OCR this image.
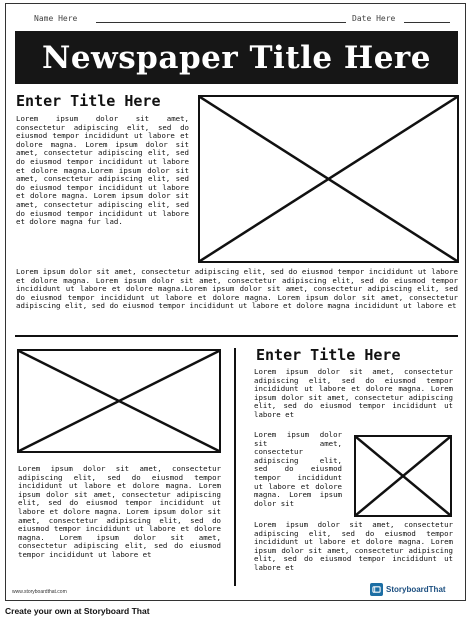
Name Here	Date Here
Newspaper Title Here
Enter Title Here

Lorem ipsum dolor sit amet, consectetur adipiscing elit, sed do eiusmod tempor incididunt ut labore et dolore magna. Lorem ipsum dolor sit amet, consectetur adipiscing elit, sed do eiusmod tempor incididunt ut labore et dolore magna.Lorem ipsum dolor sit amet, consectetur adipiscing elit, sed do eiusmod tempor incididunt ut labore et dolore magna. Lorem ipsum dolor sit amet, consectetur adipiscing elit, sed do eiusmod tempor incididunt ut labore et dolore magna fur lad.

Lorem ipsum dolor sit amet, consectetur adipiscing elit, sed do eiusmod tempor incididunt ut labore et dolore magna. Lorem ipsum dolor sit amet, consectetur adipiscing elit, sed do eiusmod tempor incididunt ut labore et dolore magna.Lorem ipsum dolor sit amet, consectetur adipiscing elit, sed do eiusmod tempor incididunt ut labore et dolore magna. Lorem ipsum dolor sit amet, consectetur adipiscing elit, sed do eiusmod tempor incididunt ut labore et dolore magna incididunt ut labore et

Lorem ipsum dolor sit amet, consectetur adipiscing elit, sed do eiusmod tempor incididunt ut labore et dolore magna. Lorem ipsum dolor sit amet, consectetur adipiscing elit, sed do eiusmod tempor incididunt ut labore et dolore magna. Lorem ipsum dolor sit amet, consectetur adipiscing elit, sed do eiusmod tempor incididunt ut labore et dolore magna. Lorem ipsum dolor sit amet, consectetur adipiscing elit, sed do eiusmod tempor incididunt ut labore et

Enter Title Here

Lorem ipsum dolor sit amet, consectetur adipiscing elit, sed do eiusmod tempor incididunt ut labore et dolore magna. Lorem ipsum dolor sit amet, consectetur adipiscing elit, sed do eiusmod tempor incididunt ut labore et

Lorem ipsum dolor sit amet, consectetur adipiscing elit, sed do eiusmod tempor incididunt ut labore et dolore magna. Lorem ipsum dolor sit

Lorem ipsum dolor sit amet, consectetur adipiscing elit, sed do eiusmod tempor incididunt ut labore et dolore magna. Lorem ipsum dolor sit amet, consectetur adipiscing elit, sed do eiusmod tempor incididunt ut labore et

www.storyboardthat.com	StoryboardThat
Create your own at Storyboard That
